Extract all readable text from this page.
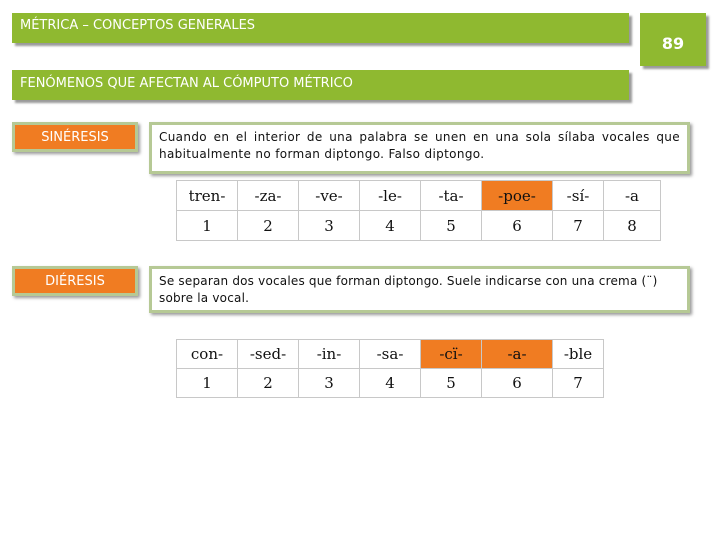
MÉTRICA – CONCEPTOS GENERALES
89
FENÓMENOS QUE AFECTAN AL CÓMPUTO MÉTRICO
SINÉRESIS	Cuando en el interior de una palabra se unen en una sola sílaba vocales que habitualmente no forman diptongo. Falso diptongo.
tren-	-za-	-ve-	-le-	-ta-	-poe-	-sí-	-a
1	2	3	4	5	6	7	8
DIÉRESIS	Se separan dos vocales que forman diptongo. Suele indicarse con una crema (¨) sobre la vocal.
con-	-sed-	-in-	-sa-	-cï-	-a-	-ble
1	2	3	4	5	6	7
